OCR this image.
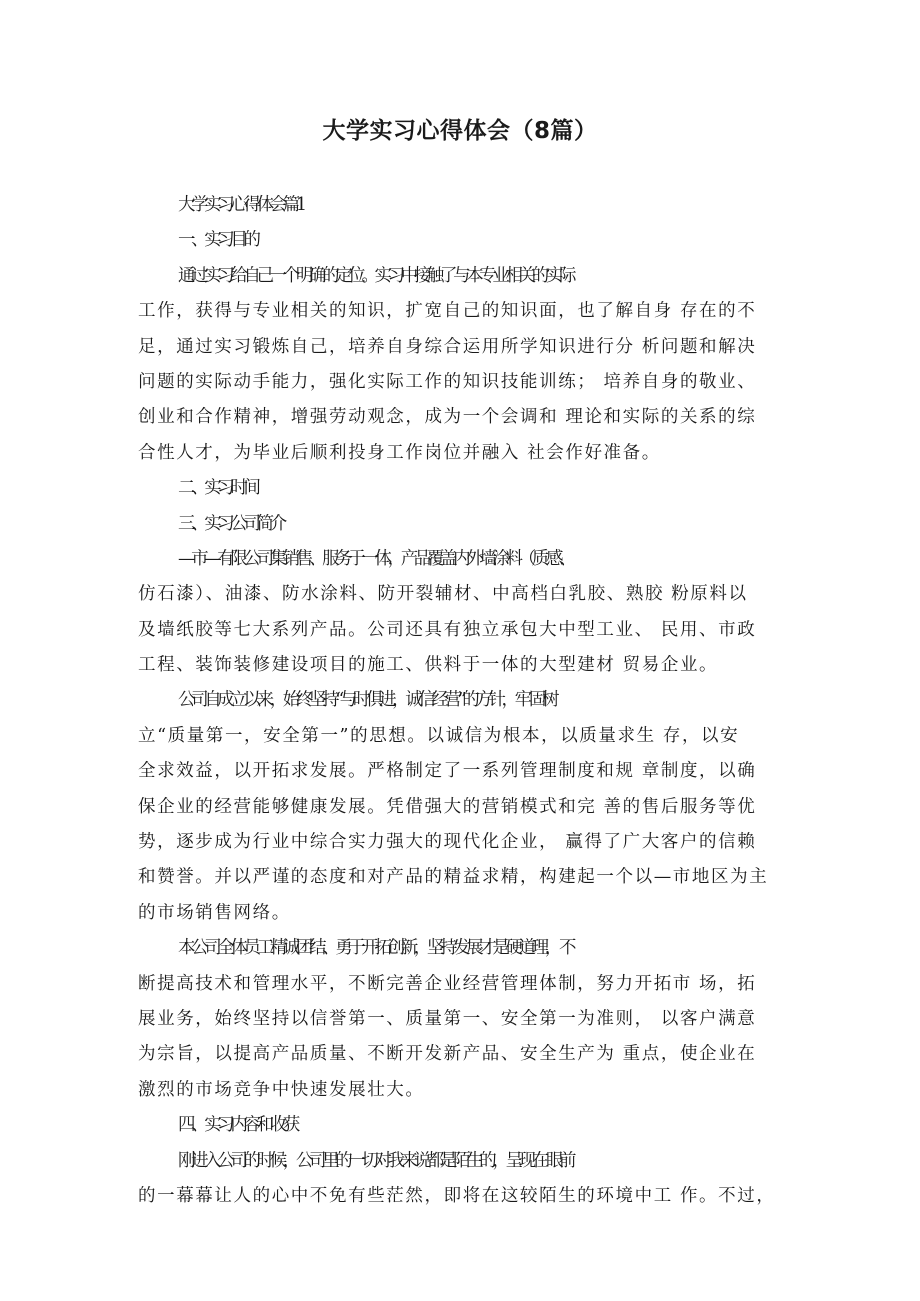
大学实习心得体会（8篇）
大学实习心得体会篇1
一、实习目的
通过实习给自己一个明确的定位。实习中接触了与本专业相关的 实际
工作，获得与专业相关的知识，扩宽自己的知识面，也了解自身 存在的不
足，通过实习锻炼自己，培养自身综合运用所学知识进行分 析问题和解决
问题的实际动手能力，强化实际工作的知识技能训练； 培养自身的敬业、
创业和合作精神，增强劳动观念，成为一个会调和 理论和实际的关系的综
合性人才，为毕业后顺利投身工作岗位并融入 社会作好准备。
二、实习时间
三、实习公司简介
—市—有限公司集销售、服务于一体，产品覆盖内外墙涂料（质 感、
仿石漆）、油漆、防水涂料、防开裂辅材、中高档白乳胶、熟胶 粉原料以
及墙纸胶等七大系列产品。公司还具有独立承包大中型工业、 民用、市政
工程、装饰装修建设项目的施工、供料于一体的大型建材 贸易企业。
公司自成立以来，始终坚持“与时俱进，诚信经营”的方针，牢 固树
立“质量第一，安全第一”的思想。以诚信为根本，以质量求生 存，以安
全求效益，以开拓求发展。严格制定了一系列管理制度和规 章制度，以确
保企业的经营能够健康发展。凭借强大的营销模式和完 善的售后服务等优
势，逐步成为行业中综合实力强大的现代化企业， 赢得了广大客户的信赖
和赞誉。并以严谨的态度和对产品的精益求精，构建起一个以—市地区为主
的市场销售网络。
本公司全体员工精诚团结、勇于开拓创新，坚持发展才是硬道理， 不
断提高技术和管理水平，不断完善企业经营管理体制，努力开拓市 场，拓
展业务，始终坚持以信誉第一、质量第一、安全第一为准则， 以客户满意
为宗旨，以提高产品质量、不断开发新产品、安全生产为 重点，使企业在
激烈的市场竞争中快速发展壮大。
四、实习内容和收获
刚进入公司的时候，公司里的一切对我来说都是陌生的，呈现在 眼前
的一幕幕让人的心中不免有些茫然，即将在这较陌生的环境中工 作。不过，
